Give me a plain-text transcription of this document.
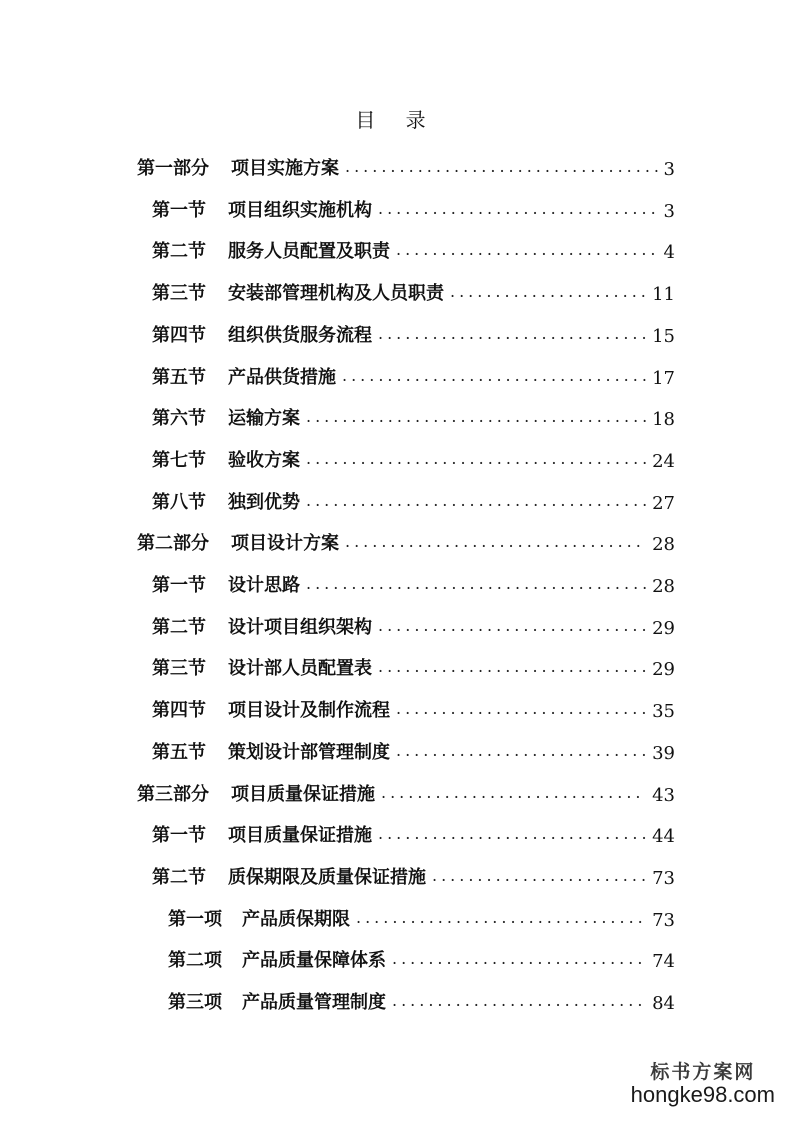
目 录
第一部分 项目实施方案 .....	3
第一节 项目组织实施机构 .....	3
第二节 服务人员配置及职责 .....	4
第三节 安装部管理机构及人员职责 .....	11
第四节 组织供货服务流程 .....	15
第五节 产品供货措施 .....	17
第六节 运输方案 .....	18
第七节 验收方案 .....	24
第八节 独到优势 .....	27
第二部分 项目设计方案 .....	28
第一节 设计思路 .....	28
第二节 设计项目组织架构 .....	29
第三节 设计部人员配置表 .....	29
第四节 项目设计及制作流程 .....	35
第五节 策划设计部管理制度 .....	39
第三部分 项目质量保证措施 .....	43
第一节 项目质量保证措施 .....	44
第二节 质保期限及质量保证措施 .....	73
第一项 产品质保期限 .....	73
第二项 产品质量保障体系 .....	74
第三项 产品质量管理制度 .....	84
标书方案网
hongke98.com
